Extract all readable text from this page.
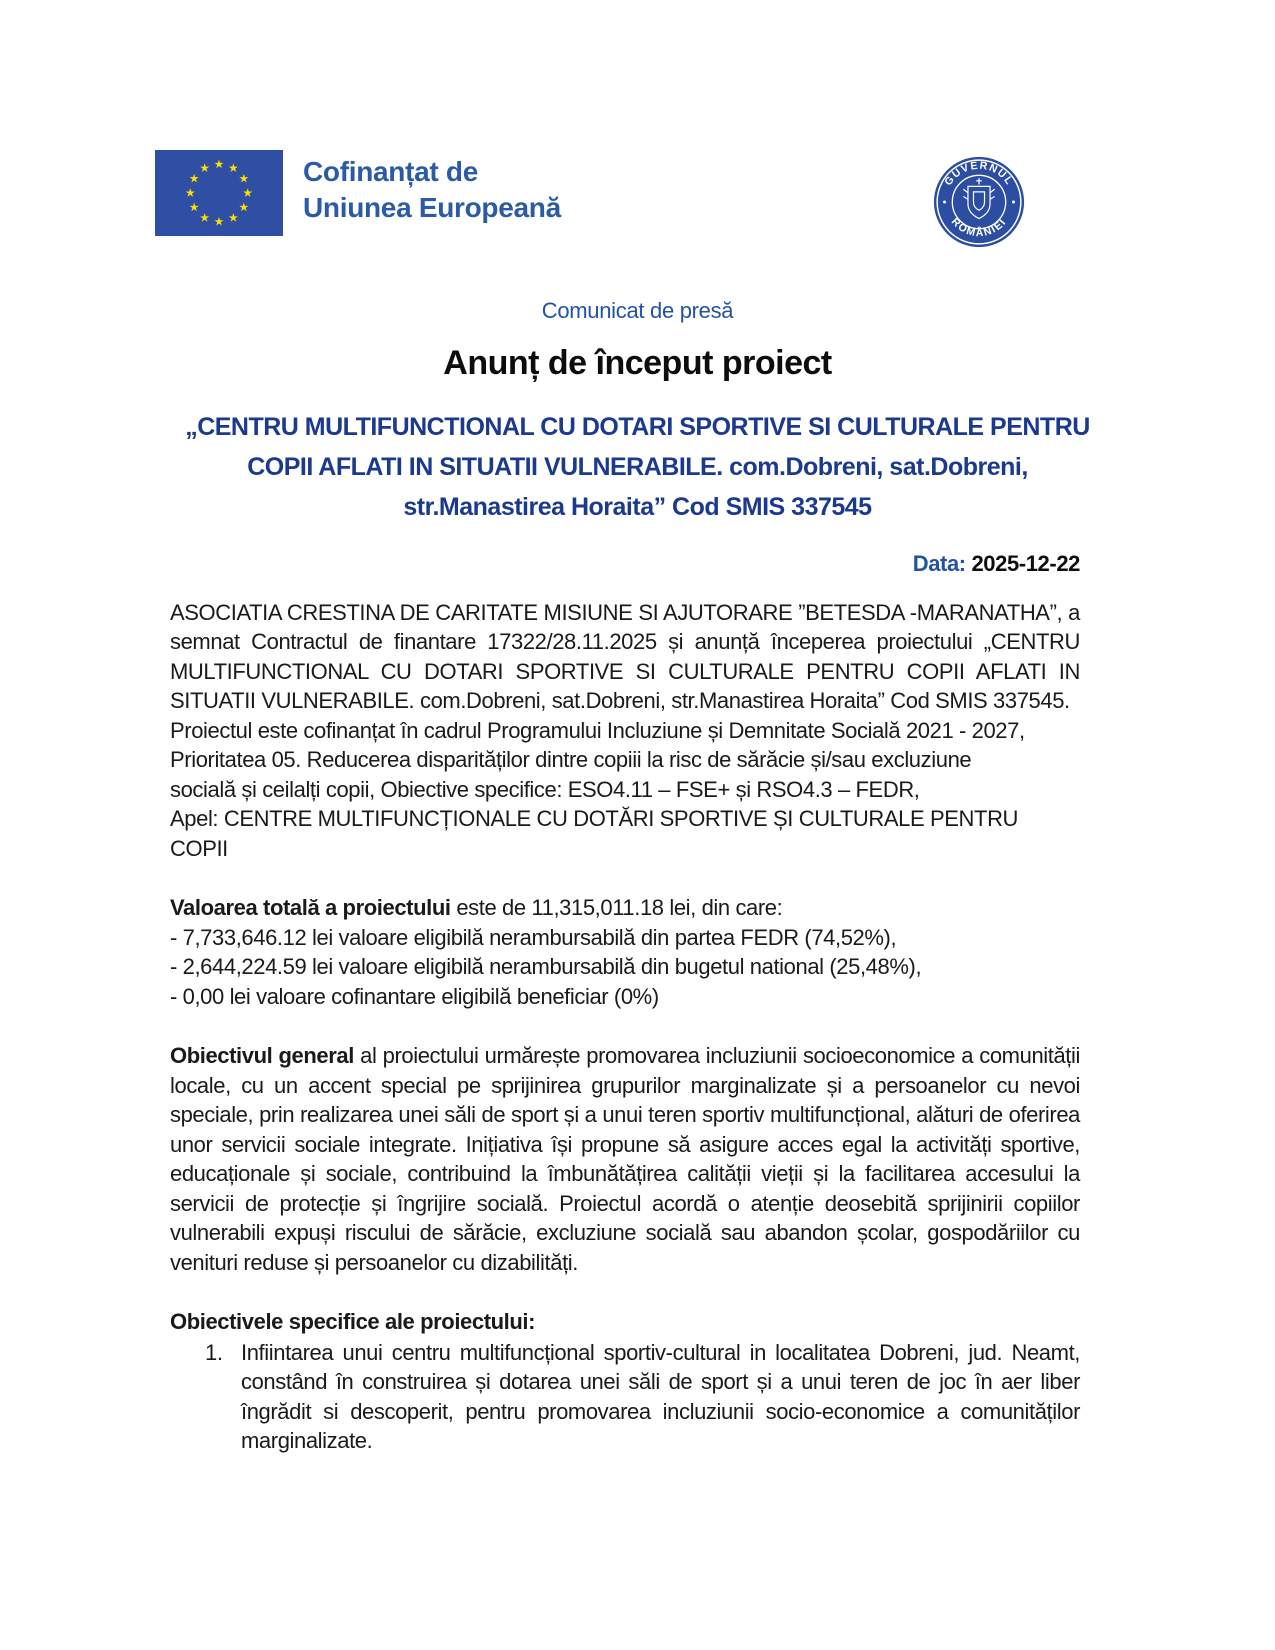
Cofinanțat de
Uniunea Europeană
GUVERNUL
ROMÂNIEI
Comunicat de presă
Anunț de început proiect
„CENTRU MULTIFUNCTIONAL CU DOTARI SPORTIVE SI CULTURALE PENTRU
COPII AFLATI IN SITUATII VULNERABILE. com.Dobreni, sat.Dobreni,
str.Manastirea Horaita” Cod SMIS 337545
Data: 2025-12-22

ASOCIATIA CRESTINA DE CARITATE MISIUNE SI AJUTORARE ”BETESDA -MARANATHA”, a semnat Contractul de finantare 17322/28.11.2025 și anunță începerea proiectului „CENTRU MULTIFUNCTIONAL CU DOTARI SPORTIVE SI CULTURALE PENTRU COPII AFLATI IN SITUATII VULNERABILE. com.Dobreni, sat.Dobreni, str.Manastirea Horaita” Cod SMIS 337545.

Proiectul este cofinanțat în cadrul Programului Incluziune și Demnitate Socială 2021 - 2027,
Prioritatea 05. Reducerea disparităților dintre copiii la risc de sărăcie și/sau excluziune
socială și ceilalți copii, Obiective specifice: ESO4.11 – FSE+ și RSO4.3 – FEDR,
Apel: CENTRE MULTIFUNCȚIONALE CU DOTĂRI SPORTIVE ȘI CULTURALE PENTRU COPII
Valoarea totală a proiectului este de 11,315,011.18 lei, din care:
- 7,733,646.12 lei valoare eligibilă nerambursabilă din partea FEDR (74,52%),
- 2,644,224.59 lei valoare eligibilă nerambursabilă din bugetul national (25,48%),
- 0,00 lei valoare cofinantare eligibilă beneficiar (0%)

Obiectivul general al proiectului urmărește promovarea incluziunii socioeconomice a comunității locale, cu un accent special pe sprijinirea grupurilor marginalizate și a persoanelor cu nevoi speciale, prin realizarea unei săli de sport și a unui teren sportiv multifuncțional, alături de oferirea unor servicii sociale integrate. Inițiativa își propune să asigure acces egal la activități sportive, educaționale și sociale, contribuind la îmbunătățirea calității vieții și la facilitarea accesului la servicii de protecție și îngrijire socială. Proiectul acordă o atenție deosebită sprijinirii copiilor vulnerabili expuși riscului de sărăcie, excluziune socială sau abandon școlar, gospodăriilor cu venituri reduse și persoanelor cu dizabilități.

Obiectivele specifice ale proiectului:
1. Infiintarea unui centru multifuncțional sportiv-cultural in localitatea Dobreni, jud. Neamt, constând în construirea și dotarea unei săli de sport și a unui teren de joc în aer liber îngrădit si descoperit, pentru promovarea incluziunii socio-economice a comunităților marginalizate.
